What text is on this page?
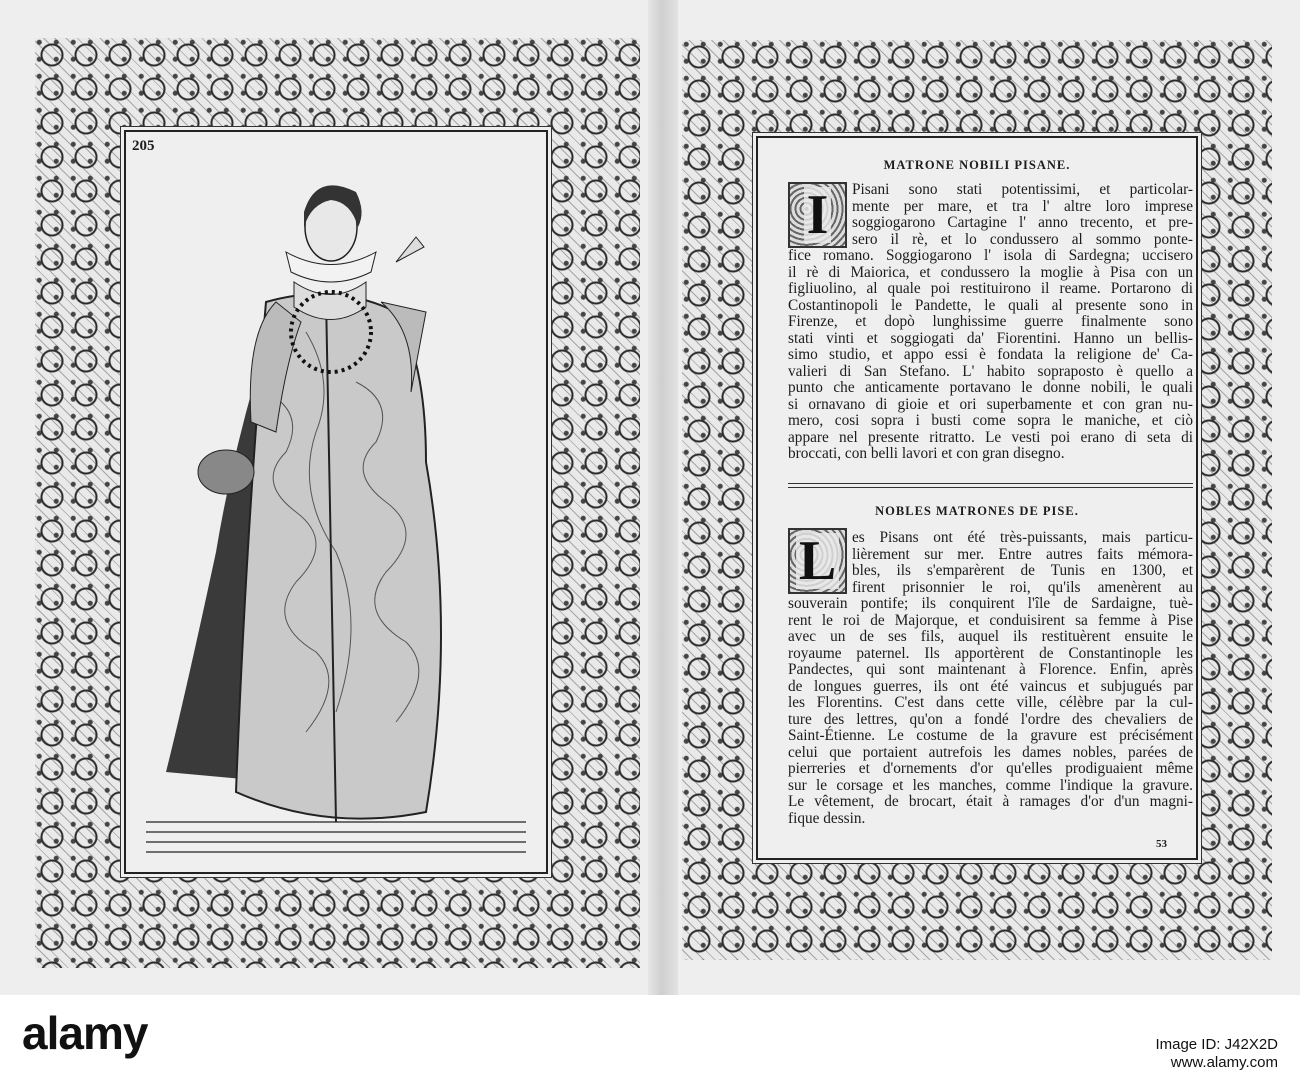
205
MATRONE NOBILI PISANE.
I Pisani sono stati potentissimi, et particolar-
mente per mare, et tra l' altre loro imprese
soggiogarono Cartagine l' anno trecento, et pre-
sero il rè, et lo condussero al sommo ponte-
fice romano. Soggiogarono l' isola di Sardegna; uccisero
il rè di Maiorica, et condussero la moglie à Pisa con un
figliuolino, al quale poi restituirono il reame. Portarono di
Costantinopoli le Pandette, le quali al presente sono in
Firenze, et dopò lunghissime guerre finalmente sono
stati vinti et soggiogati da' Fiorentini. Hanno un bellis-
simo studio, et appo essi è fondata la religione de' Ca-
valieri di San Stefano. L' habito sopraposto è quello a
punto che anticamente portavano le donne nobili, le quali
si ornavano di gioie et ori superbamente et con gran nu-
mero, cosi sopra i busti come sopra le maniche, et ciò
appare nel presente ritratto. Le vesti poi erano di seta di
broccati, con belli lavori et con gran disegno.
NOBLES MATRONES DE PISE.
L es Pisans ont été très-puissants, mais particu-
lièrement sur mer. Entre autres faits mémora-
bles, ils s'emparèrent de Tunis en 1300, et
firent prisonnier le roi, qu'ils amenèrent au
souverain pontife; ils conquirent l'île de Sardaigne, tuè-
rent le roi de Majorque, et conduisirent sa femme à Pise
avec un de ses fils, auquel ils restituèrent ensuite le
royaume paternel. Ils apportèrent de Constantinople les
Pandectes, qui sont maintenant à Florence. Enfin, après
de longues guerres, ils ont été vaincus et subjugués par
les Florentins. C'est dans cette ville, célèbre par la cul-
ture des lettres, qu'on a fondé l'ordre des chevaliers de
Saint-Étienne. Le costume de la gravure est précisément
celui que portaient autrefois les dames nobles, parées de
pierreries et d'ornements d'or qu'elles prodiguaient même
sur le corsage et les manches, comme l'indique la gravure.
Le vêtement, de brocart, était à ramages d'or d'un magni-
fique dessin.
53
alamy	Image ID: J42X2D
www.alamy.com
